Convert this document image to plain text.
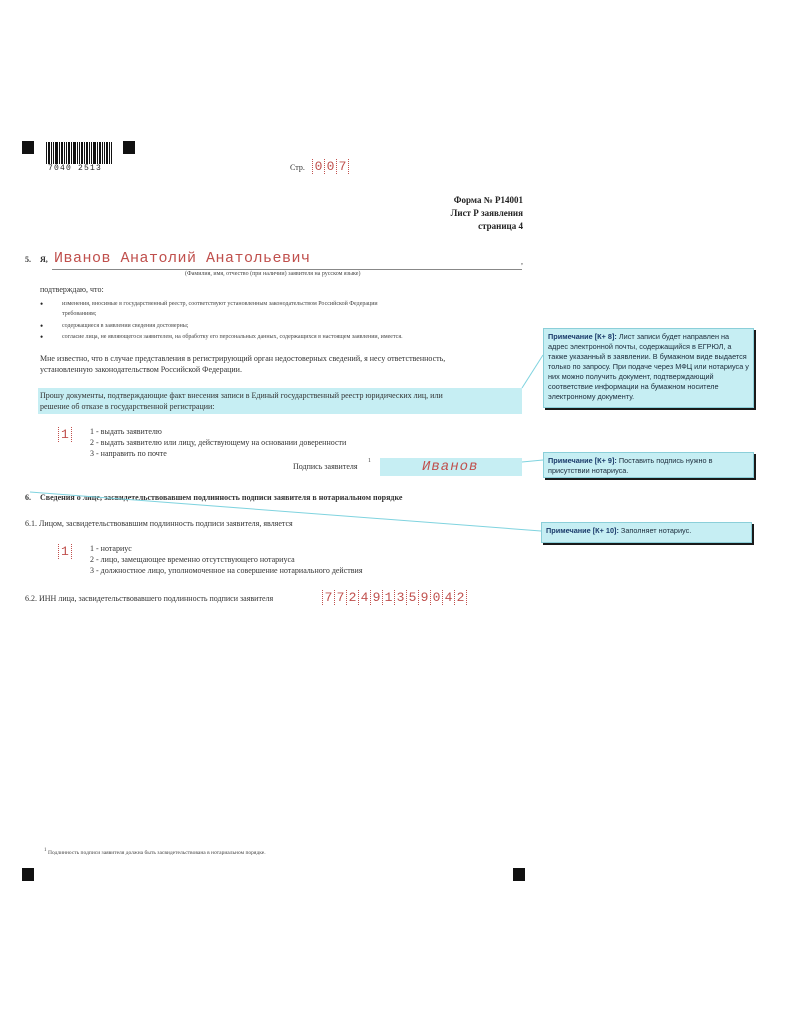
7040 2513	Стр. 0 0 7
Форма № Р14001
Лист Р заявления
страница 4
5. Я, Иванов Анатолий Анатольевич	,
(Фамилия, имя, отчество (при наличии) заявителя на русском языке)
подтверждаю, что:
•	изменения, вносимые в государственный реестр, соответствуют установленным законодательством Российской Федерации
требованиям;
•	содержащиеся в заявлении сведения достоверны;
•	согласие лица, не являющегося заявителем, на обработку его персональных данных, содержащихся в настоящем заявлении, имеется.
Мне известно, что в случае представления в регистрирующий орган недостоверных сведений, я несу ответственность,
установленную законодательством Российской Федерации.
Прошу документы, подтверждающие факт внесения записи в Единый государственный реестр юридических лиц, или
решение об отказе в государственной регистрации:
1	1 - выдать заявителю
2 - выдать заявителю или лицу, действующему на основании доверенности
3 - направить по почте
Подпись заявителя
1	Иванов
6. Сведения о лице, засвидетельствовавшем подлинность подписи заявителя в нотариальном порядке
6.1. Лицом, засвидетельствовавшим подлинность подписи заявителя, является
1	1 - нотариус
2 - лицо, замещающее временно отсутствующего нотариуса
3 - должностное лицо, уполномоченное на совершение нотариального действия
6.2. ИНН лица, засвидетельствовавшего подлинность подписи заявителя	7 7 2 4 9 1 3 5 9 0 4 2
Примечание [К+ 8]: Лист записи будет направлен на адрес электронной почты, содержащийся в ЕГРЮЛ, а также указанный в заявлении. В бумажном виде выдается только по запросу. При подаче через МФЦ или нотариуса у них можно получить документ, подтверждающий соответствие информации на бумажном носителе электронному документу.
Примечание [К+ 9]: Поставить подпись нужно в присутствии нотариуса.
Примечание [К+ 10]: Заполняет нотариус.
1 Подлинность подписи заявителя должна быть засвидетельствована в нотариальном порядке.
